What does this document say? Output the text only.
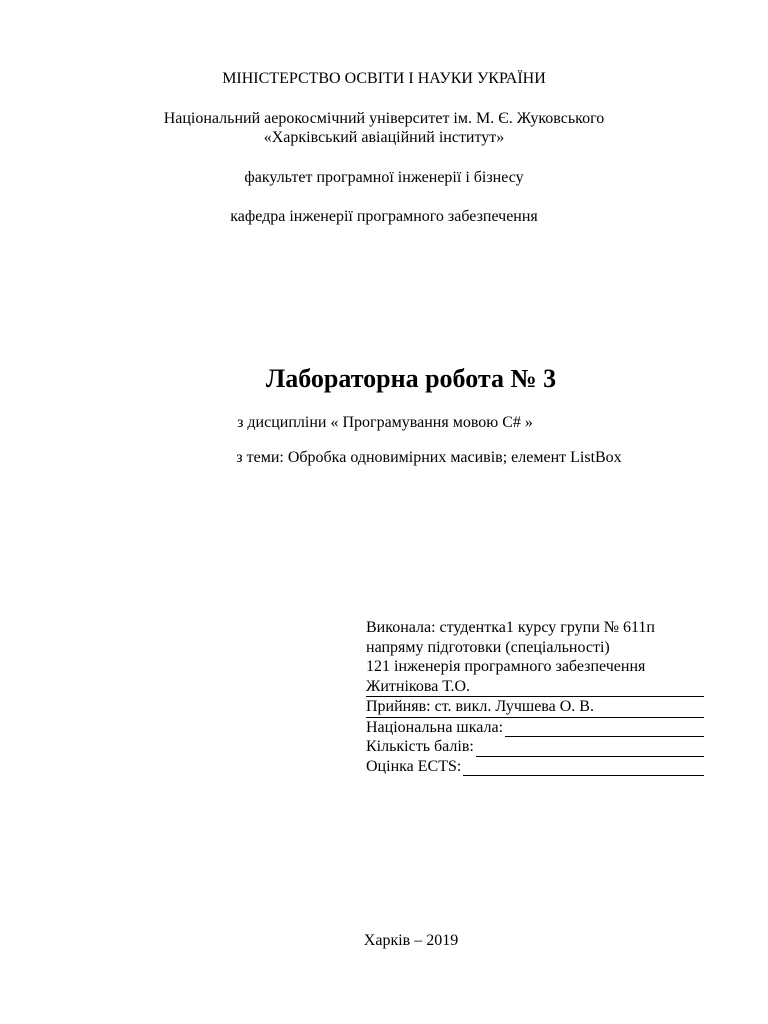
МІНІСТЕРСТВО ОСВІТИ І НАУКИ УКРАЇНИ
Національний аерокосмічний університет ім. М. Є. Жуковського
«Харківський авіаційний інститут»
факультет програмної інженерії і бізнесу
кафедра інженерії програмного забезпечення
Лабораторна робота № 3
з дисципліни « Програмування мовою C# »
з теми: Обробка одновимірних масивів; елемент ListBox
Виконала: студентка1 курсу групи № 611п
напряму підготовки (спеціальності)
121 інженерія програмного забезпечення
Житнікова Т.О.
Прийняв : ст. викл. Лучшева О. В.
Національна шкала:
Кількість балів:
Оцінка ECTS:
Харків – 2019
